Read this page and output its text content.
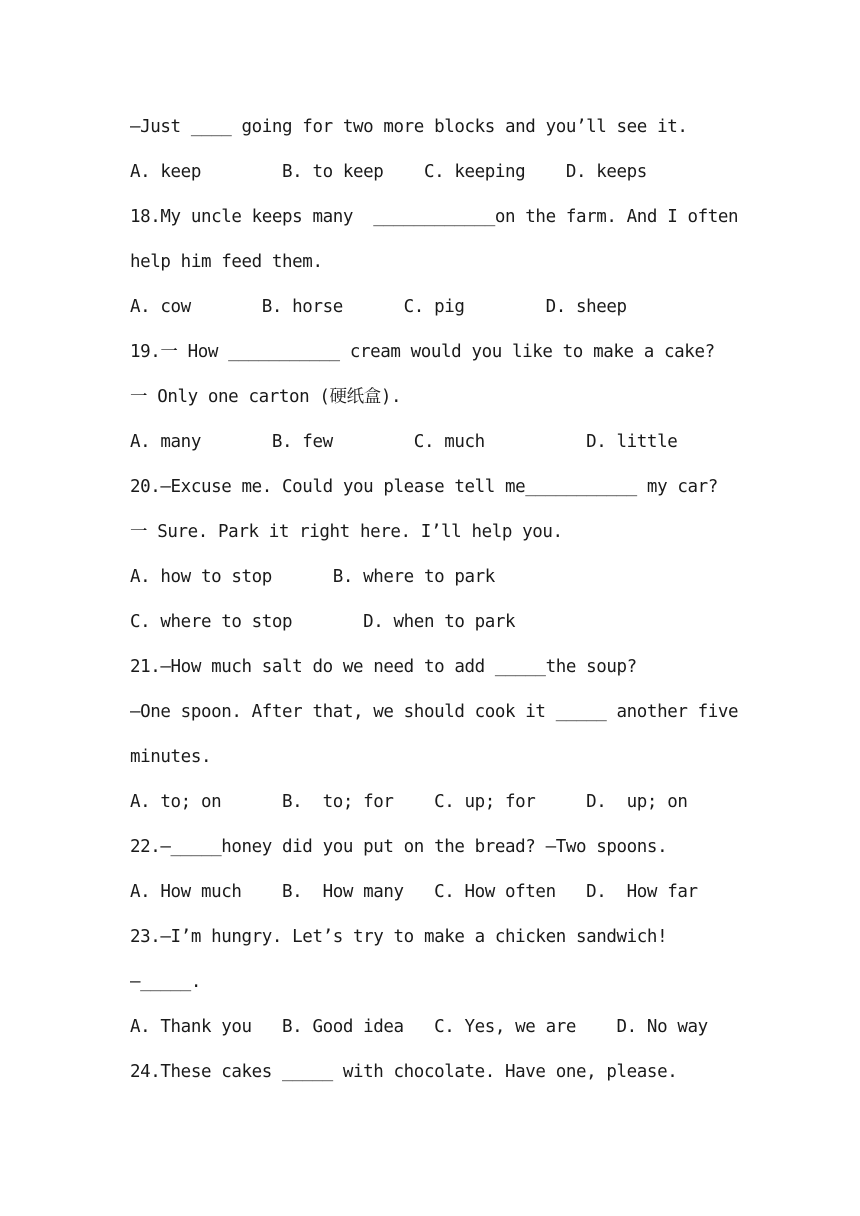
—Just ____ going for two more blocks and you’ll see it.
A. keep        B. to keep    C. keeping    D. keeps
18.My uncle keeps many  ____________on the farm. And I often
help him feed them.
A. cow       B. horse      C. pig        D. sheep
19.一 How ___________ cream would you like to make a cake?
一 Only one carton (硬纸盒).
A. many       B. few        C. much          D. little
20.—Excuse me. Could you please tell me___________ my car?
一 Sure. Park it right here. I’ll help you.
A. how to stop      B. where to park
C. where to stop       D. when to park
21.—How much salt do we need to add _____the soup?
—One spoon. After that, we should cook it _____ another five
minutes.
A. to; on      B.  to; for    C. up; for     D.  up; on
22.—_____honey did you put on the bread? —Two spoons.
A. How much    B.  How many   C. How often   D.  How far
23.—I’m hungry. Let’s try to make a chicken sandwich!
—_____.
A. Thank you   B. Good idea   C. Yes, we are    D. No way
24.These cakes _____ with chocolate. Have one, please.
